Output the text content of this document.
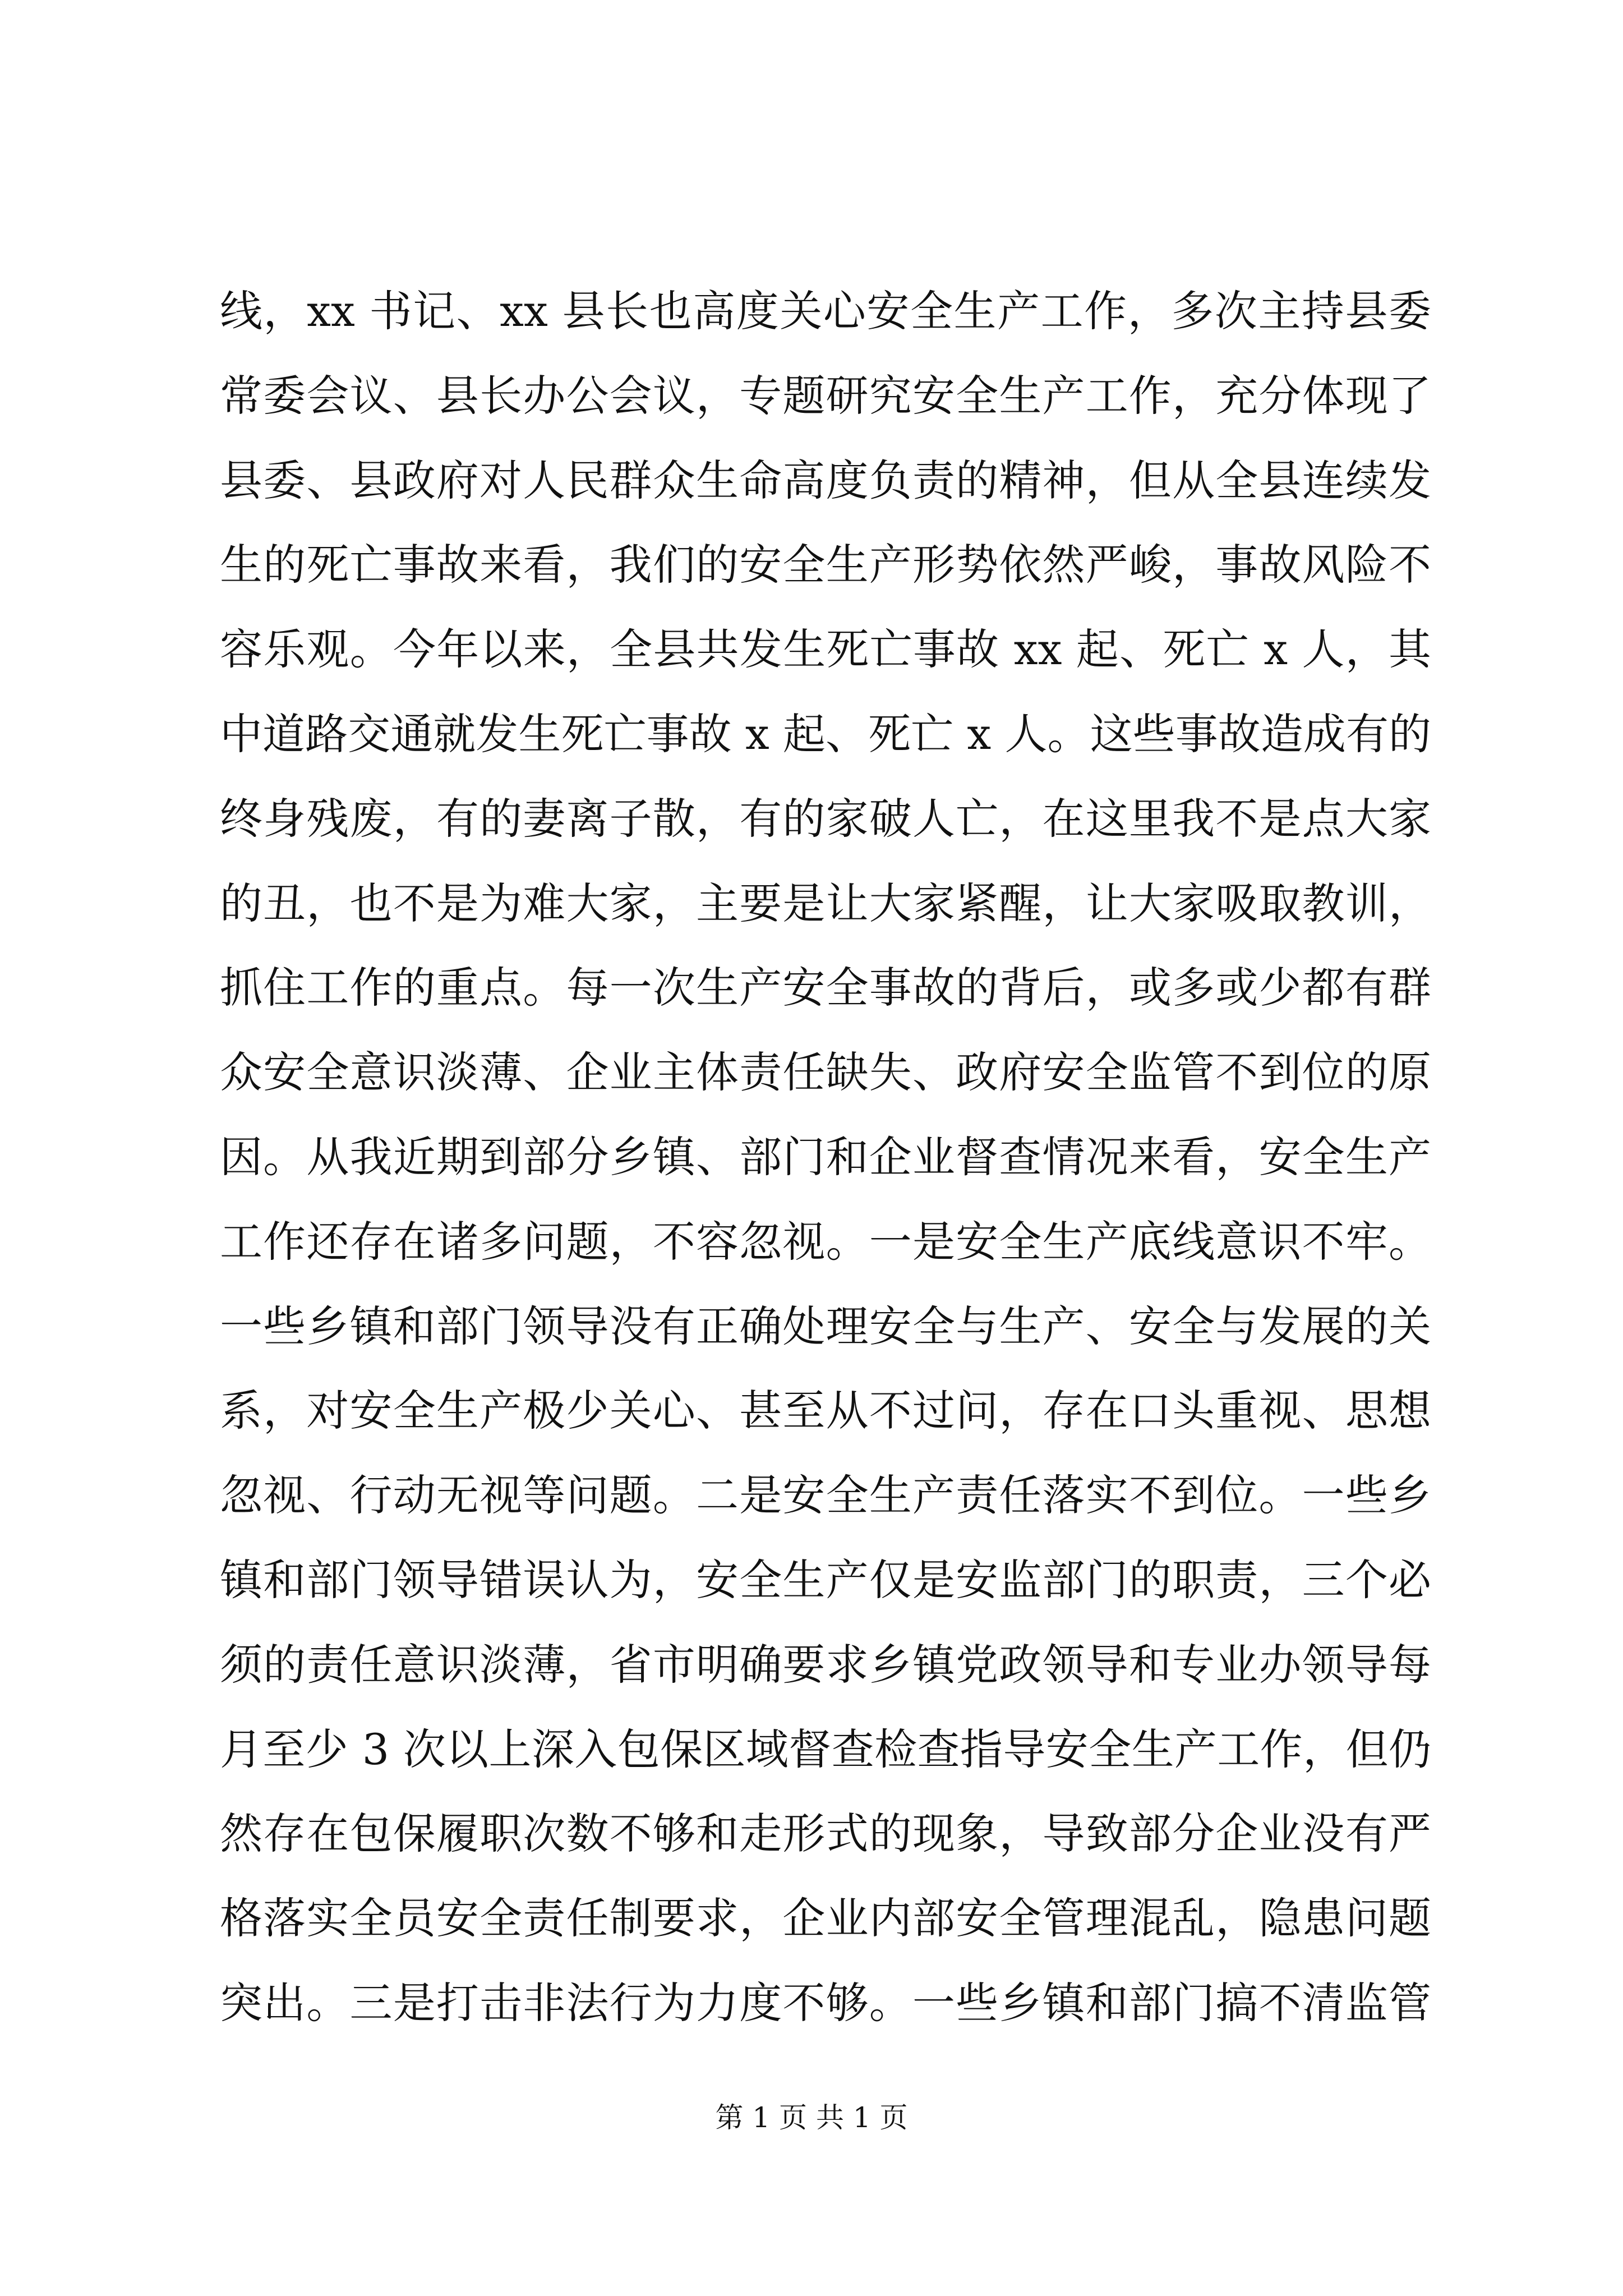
线，xx 书记、xx 县长也高度关心安全生产工作，多次主持县委
常委会议、县长办公会议，专题研究安全生产工作，充分体现了
县委、县政府对人民群众生命高度负责的精神，但从全县连续发
生的死亡事故来看，我们的安全生产形势依然严峻，事故风险不
容乐观。今年以来，全县共发生死亡事故 xx 起、死亡 x 人，其
中道路交通就发生死亡事故 x 起、死亡 x 人。这些事故造成有的
终身残废，有的妻离子散，有的家破人亡，在这里我不是点大家
的丑，也不是为难大家，主要是让大家紧醒，让大家吸取教训，
抓住工作的重点。每一次生产安全事故的背后，或多或少都有群
众安全意识淡薄、企业主体责任缺失、政府安全监管不到位的原
因。从我近期到部分乡镇、部门和企业督查情况来看，安全生产
工作还存在诸多问题，不容忽视。一是安全生产底线意识不牢。
一些乡镇和部门领导没有正确处理安全与生产、安全与发展的关
系，对安全生产极少关心、甚至从不过问，存在口头重视、思想
忽视、行动无视等问题。二是安全生产责任落实不到位。一些乡
镇和部门领导错误认为，安全生产仅是安监部门的职责，三个必
须的责任意识淡薄，省市明确要求乡镇党政领导和专业办领导每
月至少 3 次以上深入包保区域督查检查指导安全生产工作，但仍
然存在包保履职次数不够和走形式的现象，导致部分企业没有严
格落实全员安全责任制要求，企业内部安全管理混乱，隐患问题
突出。三是打击非法行为力度不够。一些乡镇和部门搞不清监管
第 1 页 共 1 页
